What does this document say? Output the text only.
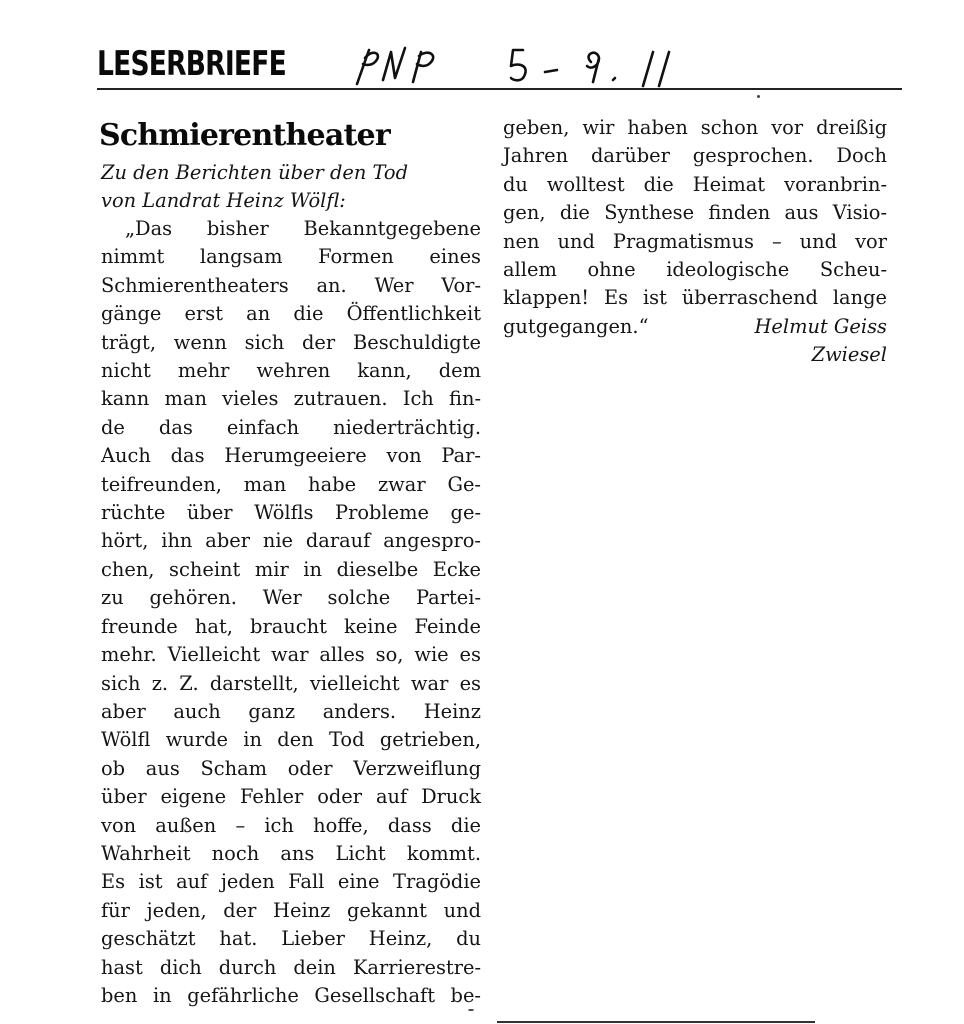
LESERBRIEFE
Schmierentheater
Zu den Berichten über den Tod
von Landrat Heinz Wölfl:
„Das bisher Bekanntgegebene
nimmt langsam Formen eines
Schmierentheaters an. Wer Vor-
gänge erst an die Öffentlichkeit
trägt, wenn sich der Beschuldigte
nicht mehr wehren kann, dem
kann man vieles zutrauen. Ich fin-
de das einfach niederträchtig.
Auch das Herumgeeiere von Par-
teifreunden, man habe zwar Ge-
rüchte über Wölfls Probleme ge-
hört, ihn aber nie darauf angespro-
chen, scheint mir in dieselbe Ecke
zu gehören. Wer solche Partei-
freunde hat, braucht keine Feinde
mehr. Vielleicht war alles so, wie es
sich z. Z. darstellt, vielleicht war es
aber auch ganz anders. Heinz
Wölfl wurde in den Tod getrieben,
ob aus Scham oder Verzweiflung
über eigene Fehler oder auf Druck
von außen – ich hoffe, dass die
Wahrheit noch ans Licht kommt.
Es ist auf jeden Fall eine Tragödie
für jeden, der Heinz gekannt und
geschätzt hat. Lieber Heinz, du
hast dich durch dein Karrierestre-
ben in gefährliche Gesellschaft be-
geben, wir haben schon vor dreißig
Jahren darüber gesprochen. Doch
du wolltest die Heimat voranbrin-
gen, die Synthese finden aus Visio-
nen und Pragmatismus – und vor
allem ohne ideologische Scheu-
klappen! Es ist überraschend lange
gutgegangen.“	Helmut Geiss
Zwiesel
